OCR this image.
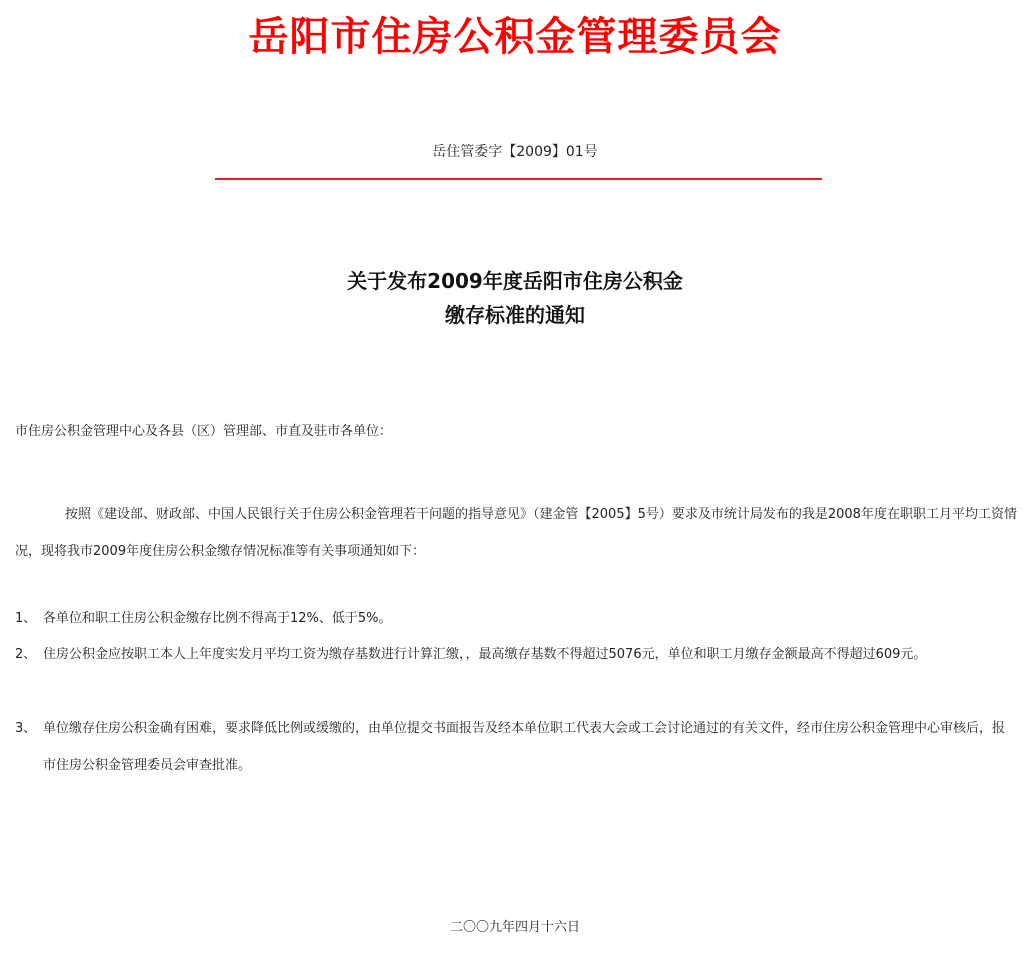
岳阳市住房公积金管理委员会
岳住管委字【2009】01号
关于发布2009年度岳阳市住房公积金
缴存标准的通知
市住房公积金管理中心及各县（区）管理部、市直及驻市各单位：
按照《建设部、财政部、中国人民银行关于住房公积金管理若干问题的指导意见》（建金管【2005】5号）要求及市统计局发布的我是2008年度在职职工月平均工资情况，现将我市2009年度住房公积金缴存情况标准等有关事项通知如下：
1、 各单位和职工住房公积金缴存比例不得高于12%、低于5%。
2、 住房公积金应按职工本人上年度实发月平均工资为缴存基数进行计算汇缴，，最高缴存基数不得超过5076元，单位和职工月缴存金额最高不得超过609元。
3、 单位缴存住房公积金确有困难，要求降低比例或缓缴的，由单位提交书面报告及经本单位职工代表大会或工会讨论通过的有关文件，经市住房公积金管理中心审核后，报市住房公积金管理委员会审查批准。
二〇〇九年四月十六日
